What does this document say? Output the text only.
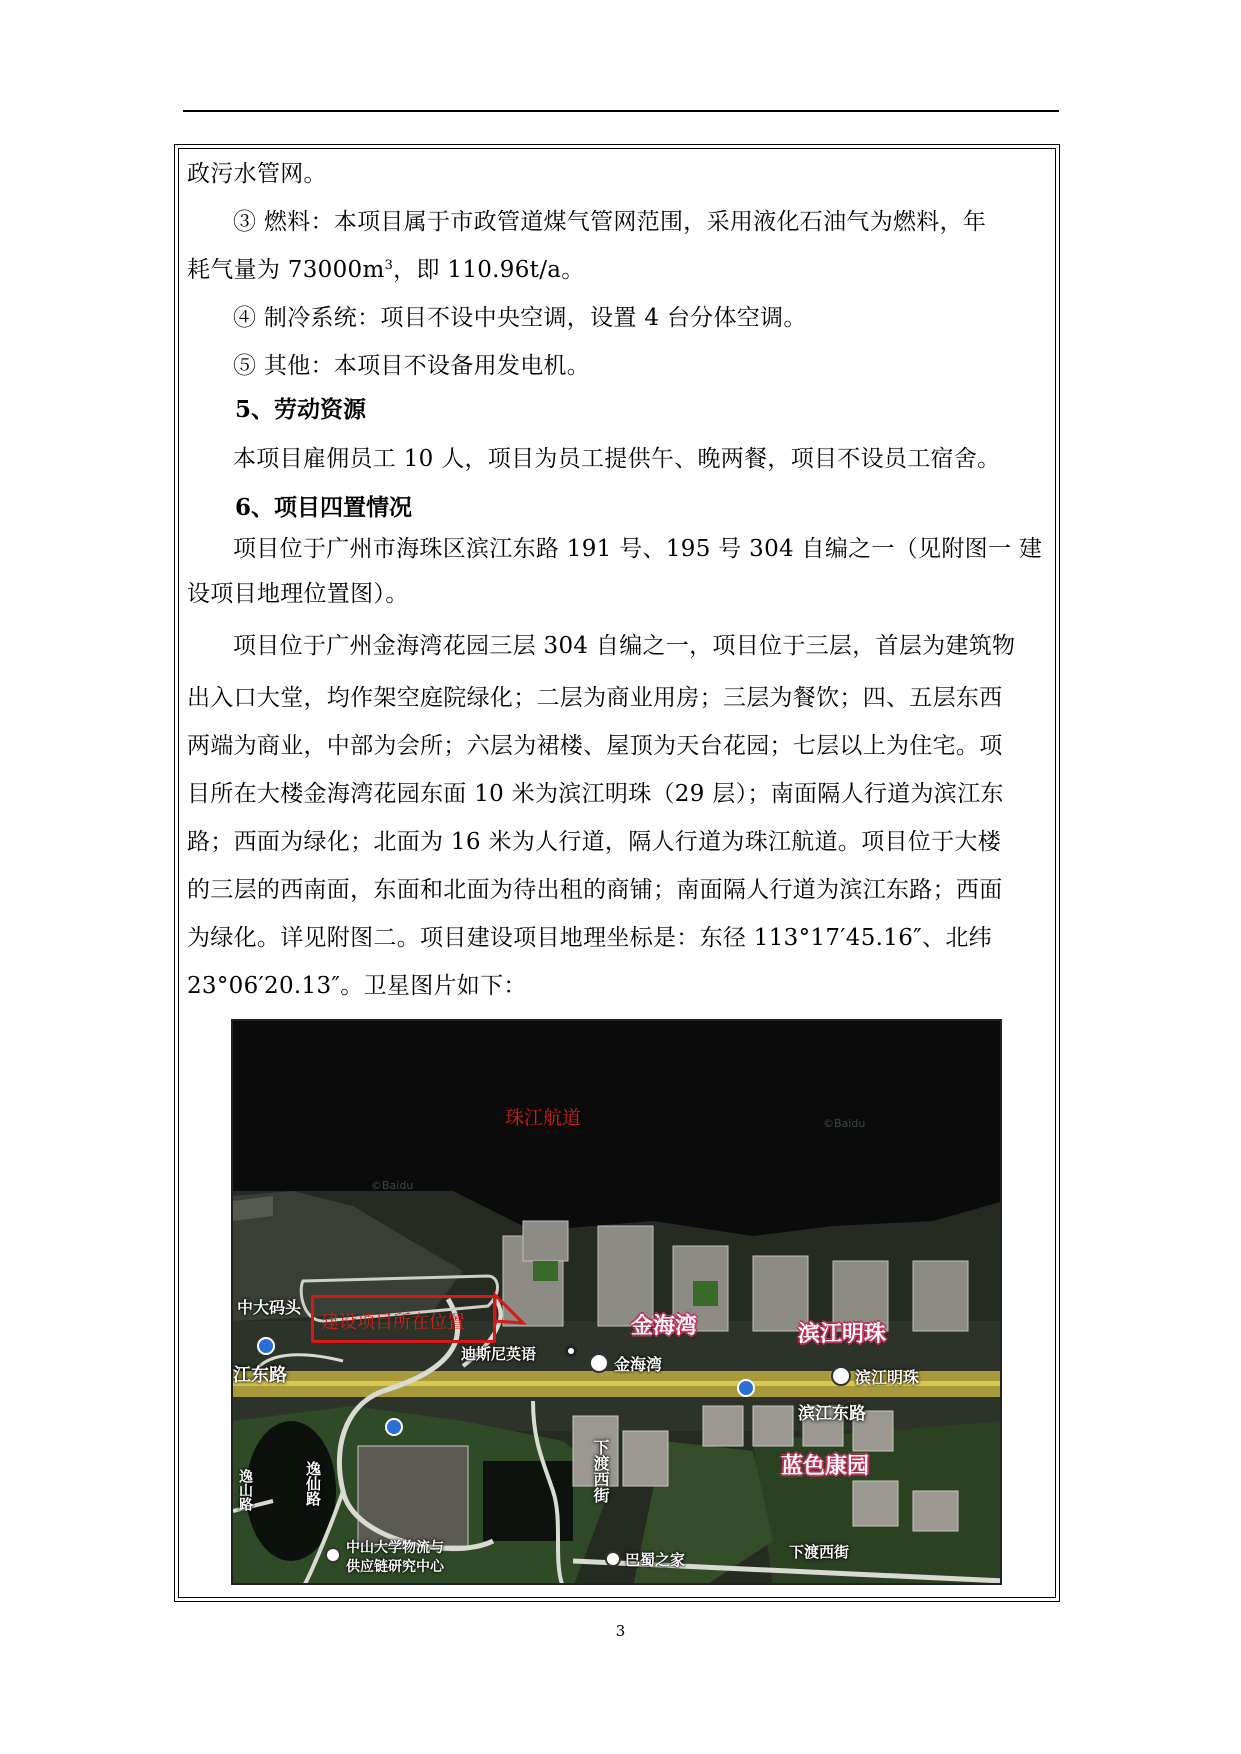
政污水管网。

③ 燃料：本项目属于市政管道煤气管网范围，采用液化石油气为燃料，年

耗气量为 $73000m^3$，即 110.96t/a。

④ 制冷系统：项目不设中央空调，设置 4 台分体空调。

⑤ 其他：本项目不设备用发电机。

5、劳动资源

本项目雇佣员工 10 人，项目为员工提供午、晚两餐，项目不设员工宿舍。

6、项目四置情况

项目位于广州市海珠区滨江东路 191 号、195 号 304 自编之一（见附图一 建

设项目地理位置图）。

项目位于广州金海湾花园三层 304 自编之一，项目位于三层，首层为建筑物

出入口大堂，均作架空庭院绿化；二层为商业用房；三层为餐饮；四、五层东西

两端为商业，中部为会所；六层为裙楼、屋顶为天台花园；七层以上为住宅。项

目所在大楼金海湾花园东面 10 米为滨江明珠（29 层）；南面隔人行道为滨江东

路；西面为绿化；北面为 16 米为人行道，隔人行道为珠江航道。项目位于大楼

的三层的西南面，东面和北面为待出租的商铺；南面隔人行道为滨江东路；西面

为绿化。详见附图二。项目建设项目地理坐标是：东径 113°17′45.16″、北纬

23°06′20.13″。卫星图片如下：

珠江航道
建设项目所在位置
©Baidu
©Baidu
中大码头
迪斯尼英语
金海湾
金海湾
滨江明珠
滨江明珠
江东路
滨江东路
蓝色康园
下渡西街
下渡西街
逸仙路
逸山路
中山大学物流与
供应链研究中心	巴蜀之家
3
